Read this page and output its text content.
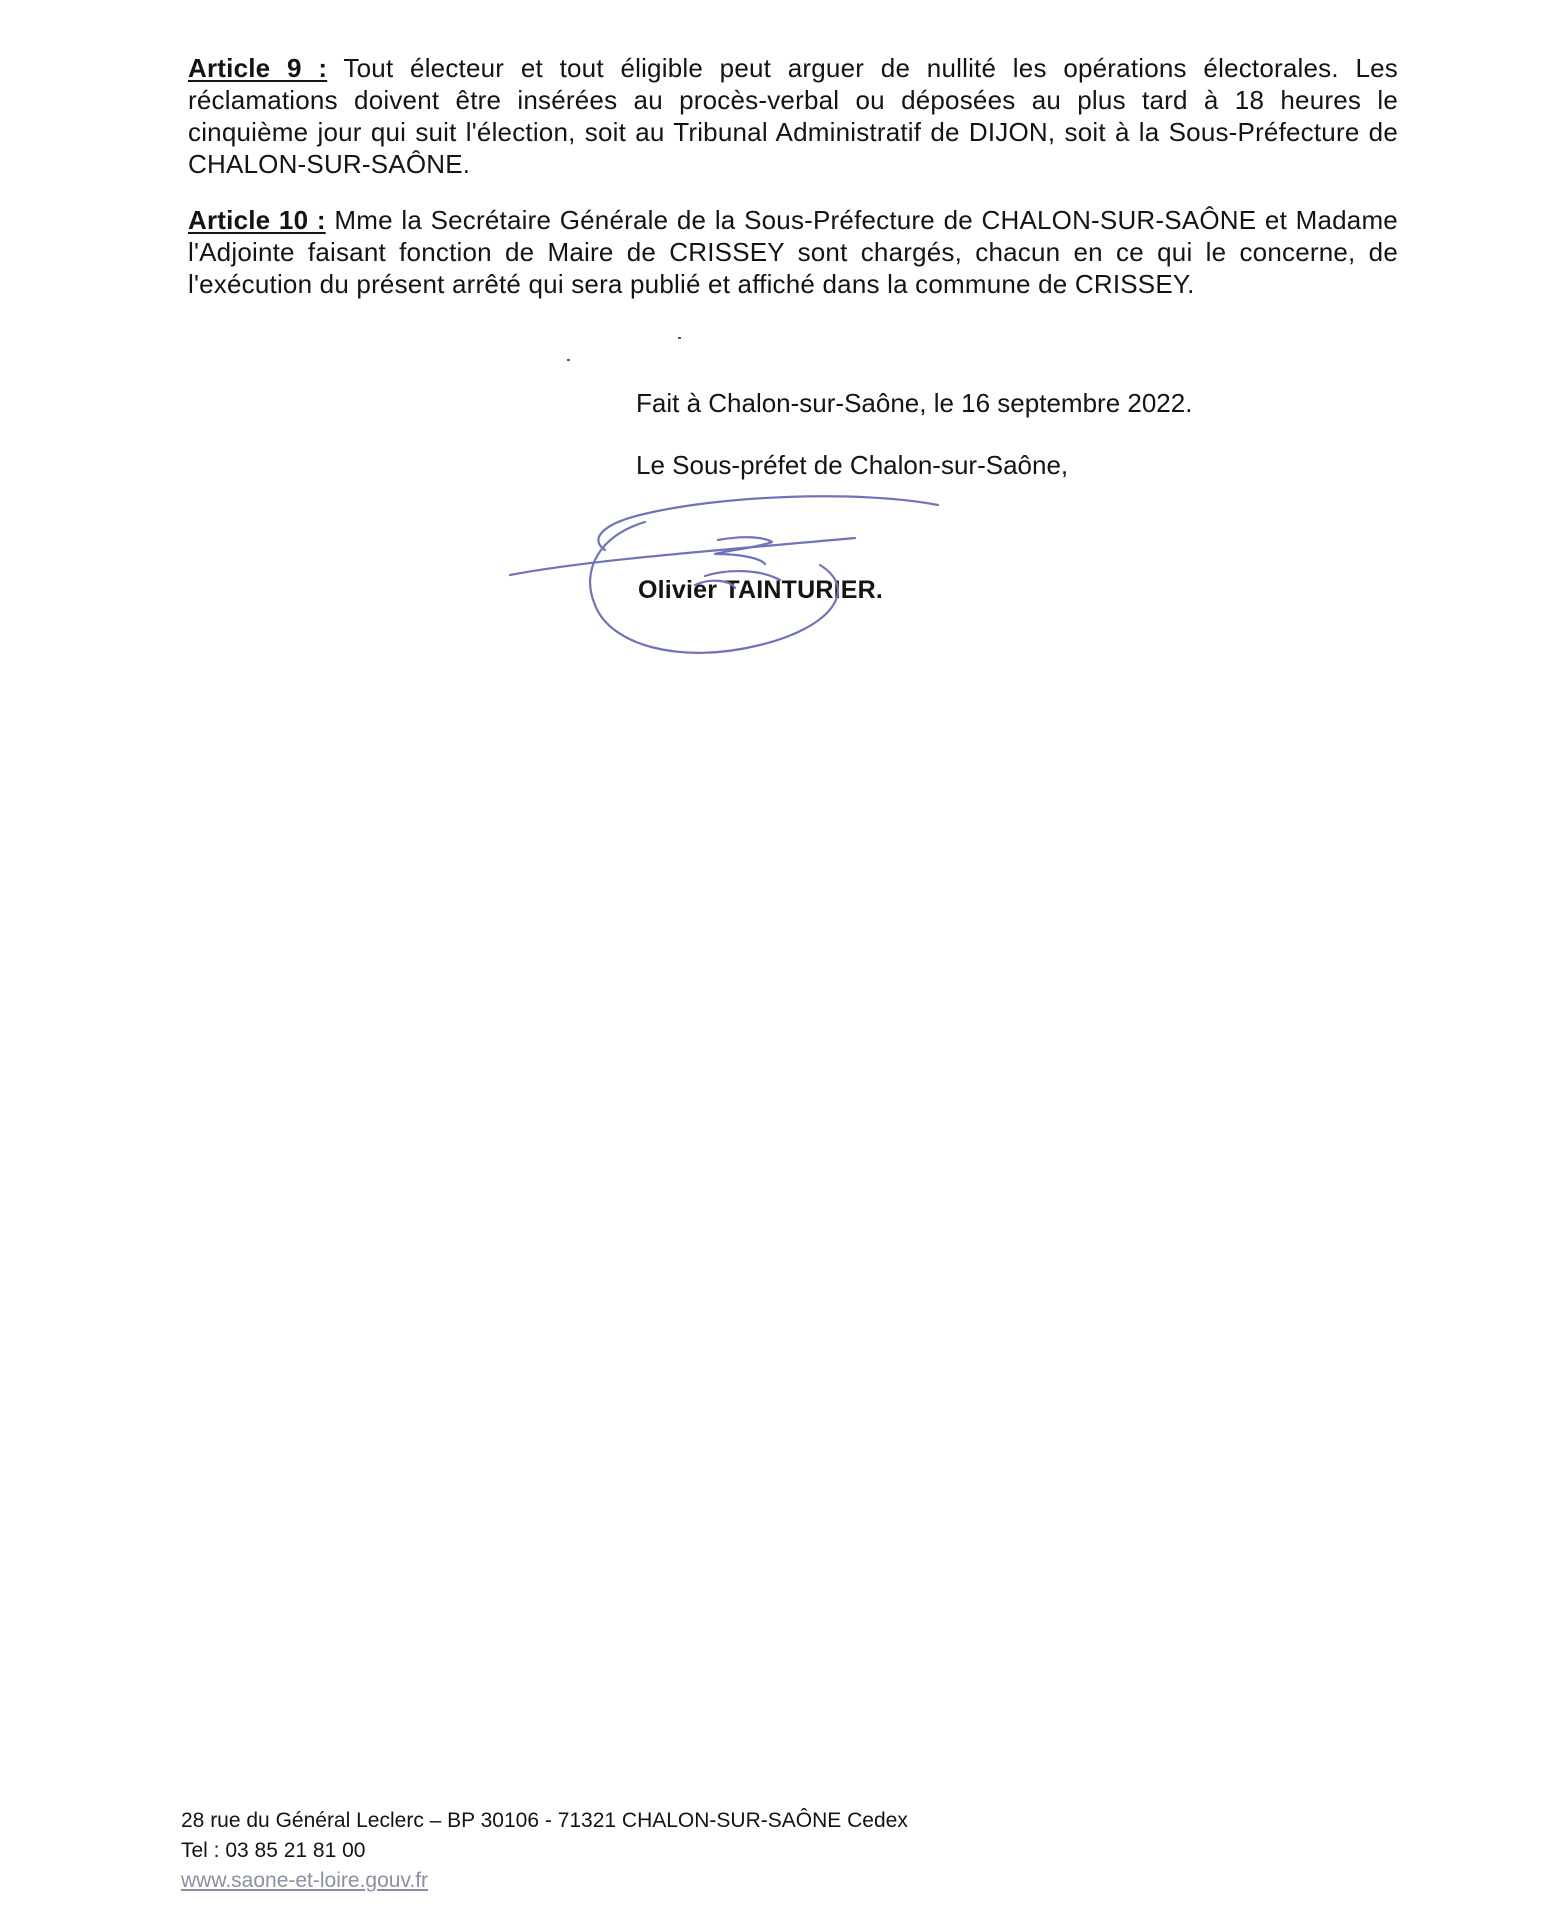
Article 9 : Tout électeur et tout éligible peut arguer de nullité les opérations électorales. Les réclamations doivent être insérées au procès-verbal ou déposées au plus tard à 18 heures le cinquième jour qui suit l'élection, soit au Tribunal Administratif de DIJON, soit à la Sous-Préfecture de CHALON-SUR-SAÔNE.
Article 10 : Mme la Secrétaire Générale de la Sous-Préfecture de CHALON-SUR-SAÔNE et Madame l'Adjointe faisant fonction de Maire de CRISSEY sont chargés, chacun en ce qui le concerne, de l'exécution du présent arrêté qui sera publié et affiché dans la commune de CRISSEY.
Fait à Chalon-sur-Saône, le 16 septembre 2022.
Le Sous-préfet de Chalon-sur-Saône,
Olivier TAINTURIER.
28 rue du Général Leclerc – BP 30106 - 71321 CHALON-SUR-SAÔNE Cedex
Tel : 03 85 21 81 00
www.saone-et-loire.gouv.fr
